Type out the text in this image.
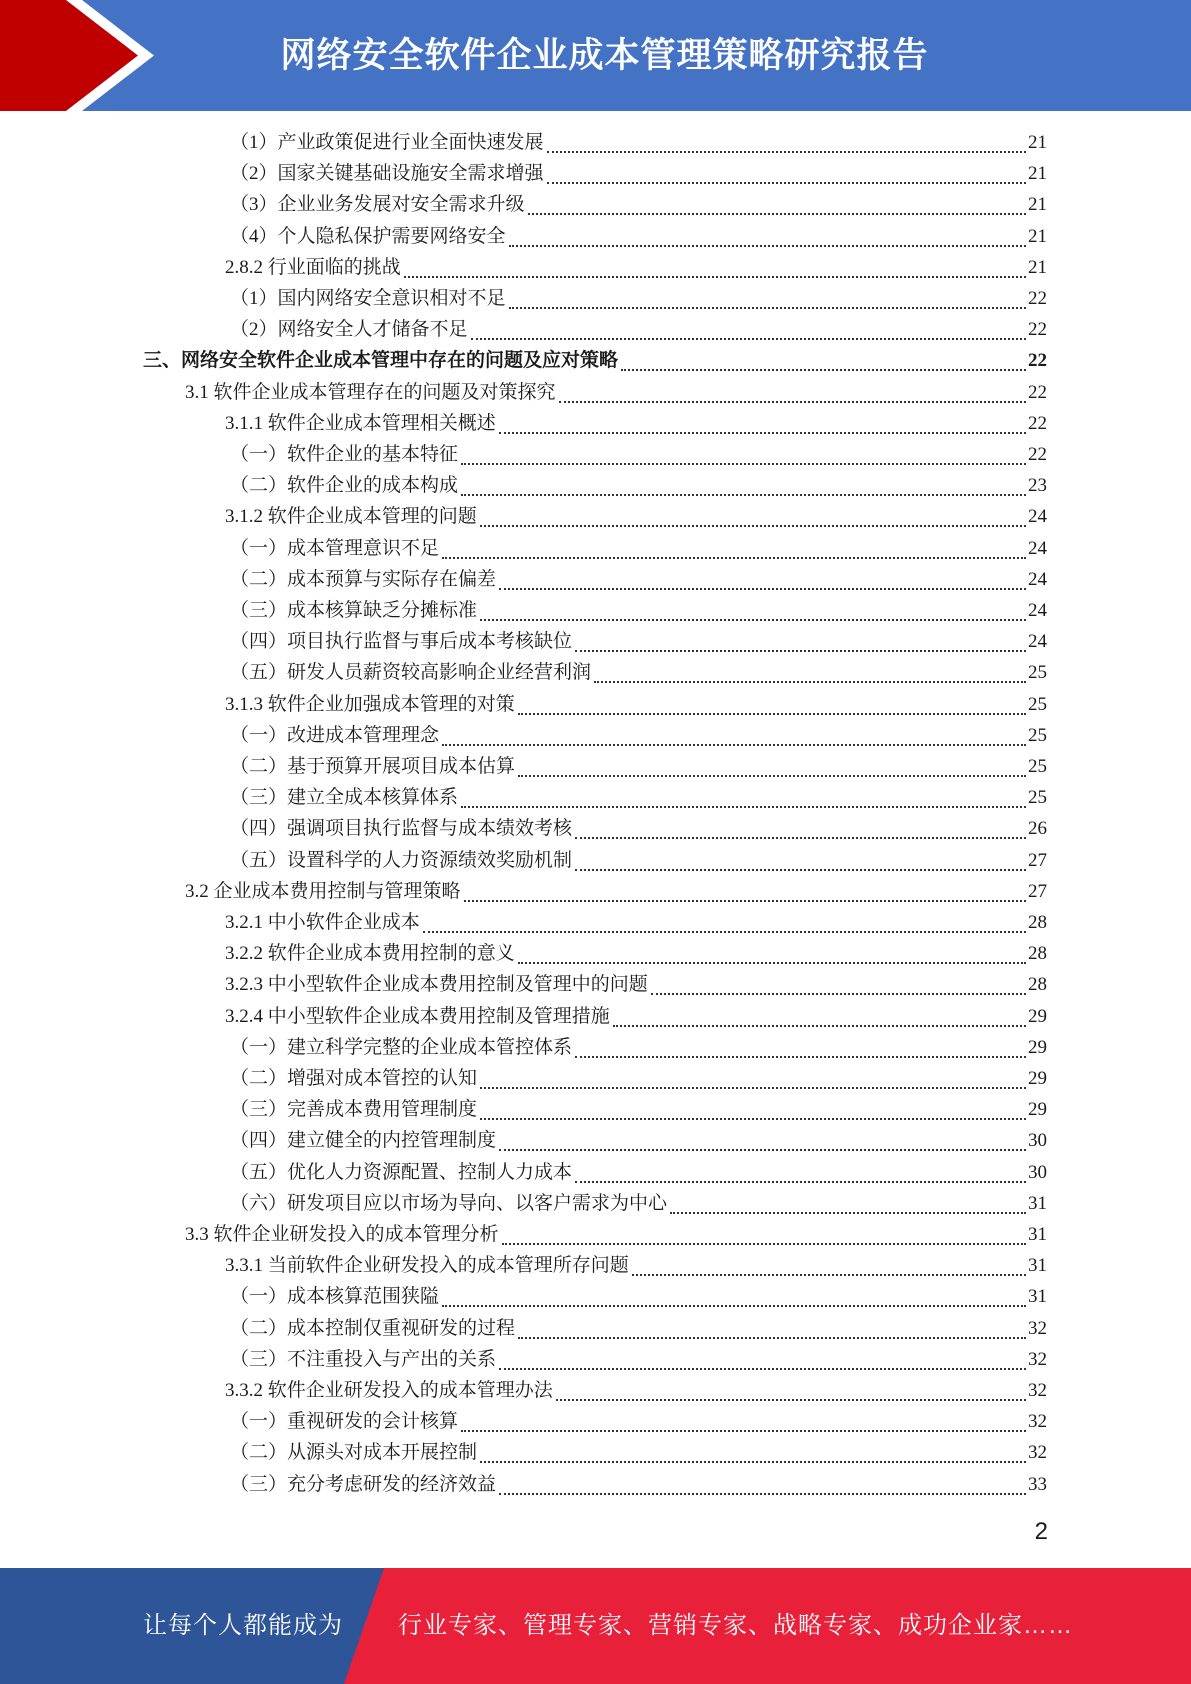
网络安全软件企业成本管理策略研究报告
（1）产业政策促进行业全面快速发展	21
（2）国家关键基础设施安全需求增强	21
（3）企业业务发展对安全需求升级	21
（4）个人隐私保护需要网络安全	21
2.8.2 行业面临的挑战	21
（1）国内网络安全意识相对不足	22
（2）网络安全人才储备不足	22
三、网络安全软件企业成本管理中存在的问题及应对策略	22
3.1 软件企业成本管理存在的问题及对策探究	22
3.1.1 软件企业成本管理相关概述	22
（一）软件企业的基本特征	22
（二）软件企业的成本构成	23
3.1.2 软件企业成本管理的问题	24
（一）成本管理意识不足	24
（二）成本预算与实际存在偏差	24
（三）成本核算缺乏分摊标准	24
（四）项目执行监督与事后成本考核缺位	24
（五）研发人员薪资较高影响企业经营利润	25
3.1.3 软件企业加强成本管理的对策	25
（一）改进成本管理理念	25
（二）基于预算开展项目成本估算	25
（三）建立全成本核算体系	25
（四）强调项目执行监督与成本绩效考核	26
（五）设置科学的人力资源绩效奖励机制	27
3.2 企业成本费用控制与管理策略	27
3.2.1 中小软件企业成本	28
3.2.2 软件企业成本费用控制的意义	28
3.2.3 中小型软件企业成本费用控制及管理中的问题	28
3.2.4 中小型软件企业成本费用控制及管理措施	29
（一）建立科学完整的企业成本管控体系	29
（二）增强对成本管控的认知	29
（三）完善成本费用管理制度	29
（四）建立健全的内控管理制度	30
（五）优化人力资源配置、控制人力成本	30
（六）研发项目应以市场为导向、以客户需求为中心	31
3.3 软件企业研发投入的成本管理分析	31
3.3.1 当前软件企业研发投入的成本管理所存问题	31
（一）成本核算范围狭隘	31
（二）成本控制仅重视研发的过程	32
（三）不注重投入与产出的关系	32
3.3.2 软件企业研发投入的成本管理办法	32
（一）重视研发的会计核算	32
（二）从源头对成本开展控制	32
（三）充分考虑研发的经济效益	33
2
让每个人都能成为 行业专家、管理专家、营销专家、战略专家、成功企业家……
